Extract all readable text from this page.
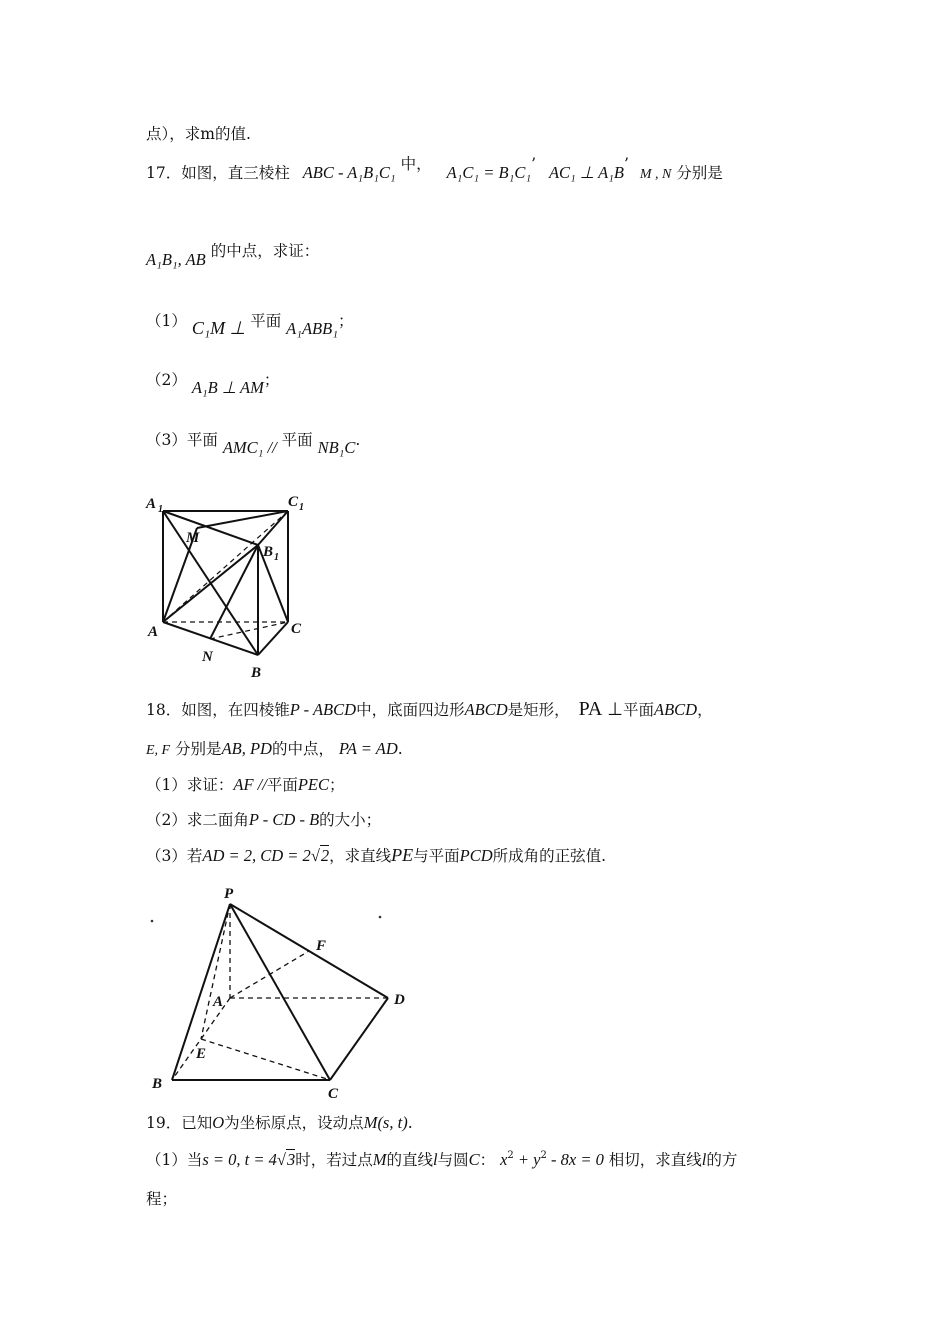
点），求m的值.
17．如图，直三棱柱 ABC - A₁B₁C₁ 中， A₁C₁ = B₁C₁’ AC₁ ⊥ A₁B’ M , N 分别是
A₁B₁, AB 的中点，求证：
（1） C₁M ⊥ 平面 A₁ABB₁；
（2） A₁B ⊥ AM；
（3）平面 AMC₁ // 平面 NB₁C.
A 1	C 1
M
B 1
A	C
N
B
18．如图，在四棱锥P - ABCD中，底面四边形ABCD是矩形， PA ⊥平面ABCD，
E, F 分别是AB, PD的中点， PA = AD.
（1）求证：AF //平面PEC；
（2）求二面角P - CD - B的大小；
（3）若AD = 2, CD = 2√2，求直线PE与平面PCD所成角的正弦值.
P
F
A	D
E
B
C
19．已知O为坐标原点，设动点M(s, t).
（1）当s = 0, t = 4√3时，若过点M的直线l与圆C： $x^2 + y^2 - 8x = 0$ 相切，求直线l的方
程；
